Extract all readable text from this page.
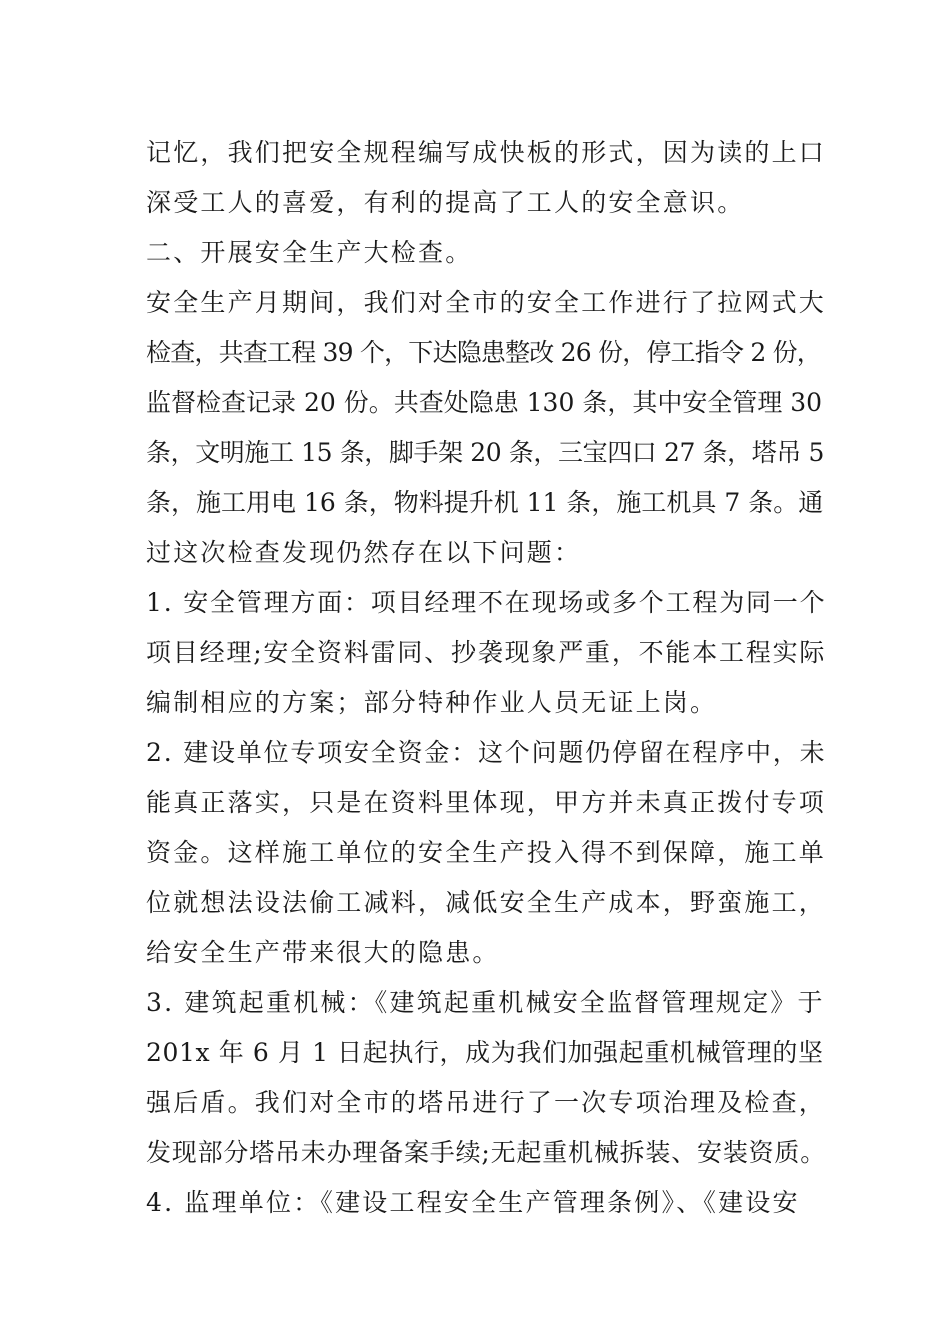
记忆，我们把安全规程编写成快板的形式，因为读的上口
深受工人的喜爱，有利的提高了工人的安全意识。
二、开展安全生产大检查。
安全生产月期间，我们对全市的安全工作进行了拉网式大
检查，共查工程 39 个，下达隐患整改 26 份，停工指令 2 份，
监督检查记录 20 份。共查处隐患 130 条，其中安全管理 30
条，文明施工 15 条，脚手架 20 条，三宝四口 27 条，塔吊 5
条，施工用电 16 条，物料提升机 11 条，施工机具 7 条。通
过这次检查发现仍然存在以下问题：
1. 安全管理方面：项目经理不在现场或多个工程为同一个
项目经理;安全资料雷同、抄袭现象严重，不能本工程实际
编制相应的方案；部分特种作业人员无证上岗。
2. 建设单位专项安全资金：这个问题仍停留在程序中，未
能真正落实，只是在资料里体现，甲方并未真正拨付专项
资金。这样施工单位的安全生产投入得不到保障，施工单
位就想法设法偷工减料，减低安全生产成本，野蛮施工，
给安全生产带来很大的隐患。
3. 建筑起重机械：《建筑起重机械安全监督管理规定》于
201x 年 6 月 1 日起执行，成为我们加强起重机械管理的坚
强后盾。我们对全市的塔吊进行了一次专项治理及检查，
发现部分塔吊未办理备案手续;无起重机械拆装、安装资质。
4. 监理单位：《建设工程安全生产管理条例》、《建设安
